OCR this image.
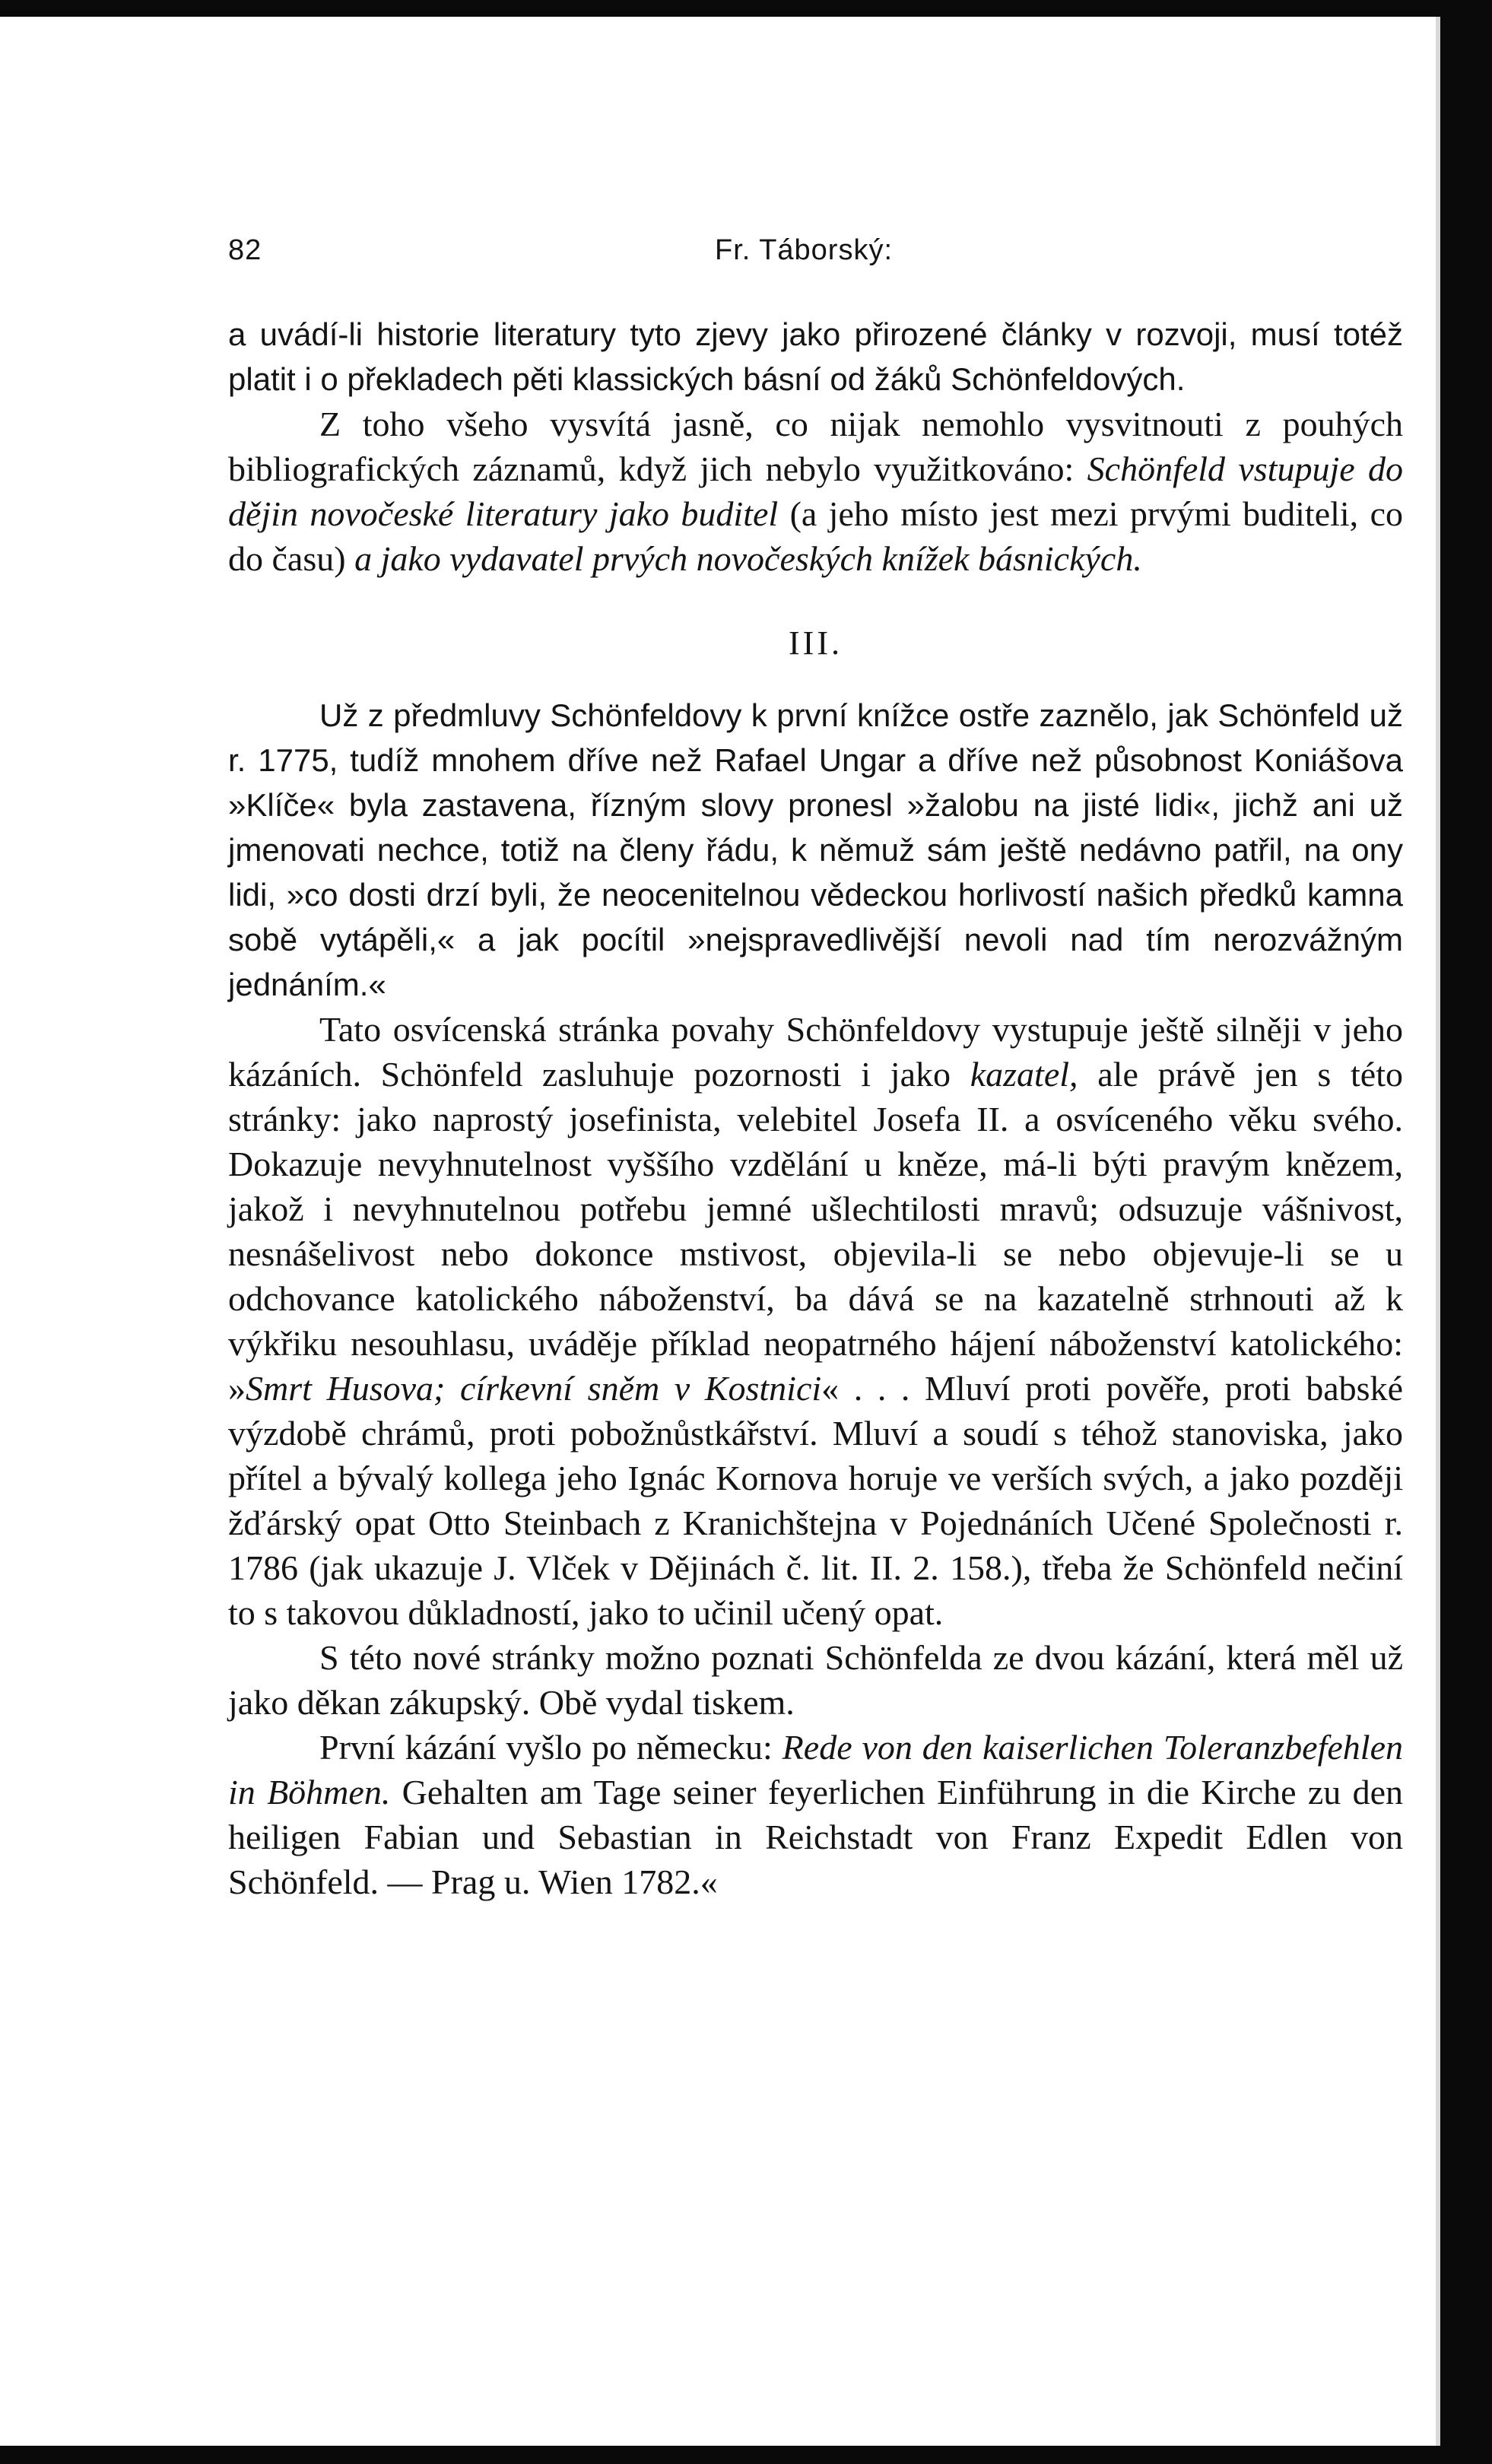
82	Fr. Táborský:

a uvádí-li historie literatury tyto zjevy jako přirozené články v rozvoji, musí totéž platit i o překladech pěti klassických básní od žáků Schönfeldových.

Z toho všeho vysvítá jasně, co nijak nemohlo vysvitnouti z pouhých bibliografických záznamů, když jich nebylo využitkováno: Schönfeld vstupuje do dějin novočeské literatury jako buditel (a jeho místo jest mezi prvými buditeli, co do času) a jako vydavatel prvých novočeských knížek básnických.

III.

Už z předmluvy Schönfeldovy k první knížce ostře zaznělo, jak Schönfeld už r. 1775, tudíž mnohem dříve než Rafael Ungar a dříve než působnost Koniášova »Klíče« byla zastavena, řízným slovy pronesl »žalobu na jisté lidi«, jichž ani už jmenovati nechce, totiž na členy řádu, k němuž sám ještě nedávno patřil, na ony lidi, »co dosti drzí byli, že neocenitelnou vědeckou horlivostí našich předků kamna sobě vytápěli,« a jak pocítil »nejspravedlivější nevoli nad tím nerozvážným jednáním.«

Tato osvícenská stránka povahy Schönfeldovy vystupuje ještě silněji v jeho kázáních. Schönfeld zasluhuje pozornosti i jako kazatel, ale právě jen s této stránky: jako naprostý josefinista, velebitel Josefa II. a osvíceného věku svého. Dokazuje nevyhnutelnost vyššího vzdělání u kněze, má-li býti pravým knězem, jakož i nevyhnutelnou potřebu jemné ušlechtilosti mravů; odsuzuje vášnivost, nesnášelivost nebo dokonce mstivost, objevila-li se nebo objevuje-li se u odchovance katolického náboženství, ba dává se na kazatelně strhnouti až k výkřiku nesouhlasu, uváděje příklad neopatrného hájení náboženství katolického: »Smrt Husova; církevní sněm v Kostnici« . . . Mluví proti pověře, proti babské výzdobě chrámů, proti pobožnůstkářství. Mluví a soudí s téhož stanoviska, jako přítel a bývalý kollega jeho Ignác Kornova horuje ve verších svých, a jako později žďárský opat Otto Steinbach z Kranichštejna v Pojednáních Učené Společnosti r. 1786 (jak ukazuje J. Vlček v Dějinách č. lit. II. 2. 158.), třeba že Schönfeld nečiní to s takovou důkladností, jako to učinil učený opat.

S této nové stránky možno poznati Schönfelda ze dvou kázání, která měl už jako děkan zákupský. Obě vydal tiskem.

První kázání vyšlo po německu: Rede von den kaiserlichen Toleranzbefehlen in Böhmen. Gehalten am Tage seiner feyerlichen Einführung in die Kirche zu den heiligen Fabian und Sebastian in Reichstadt von Franz Expedit Edlen von Schönfeld. — Prag u. Wien 1782.«
